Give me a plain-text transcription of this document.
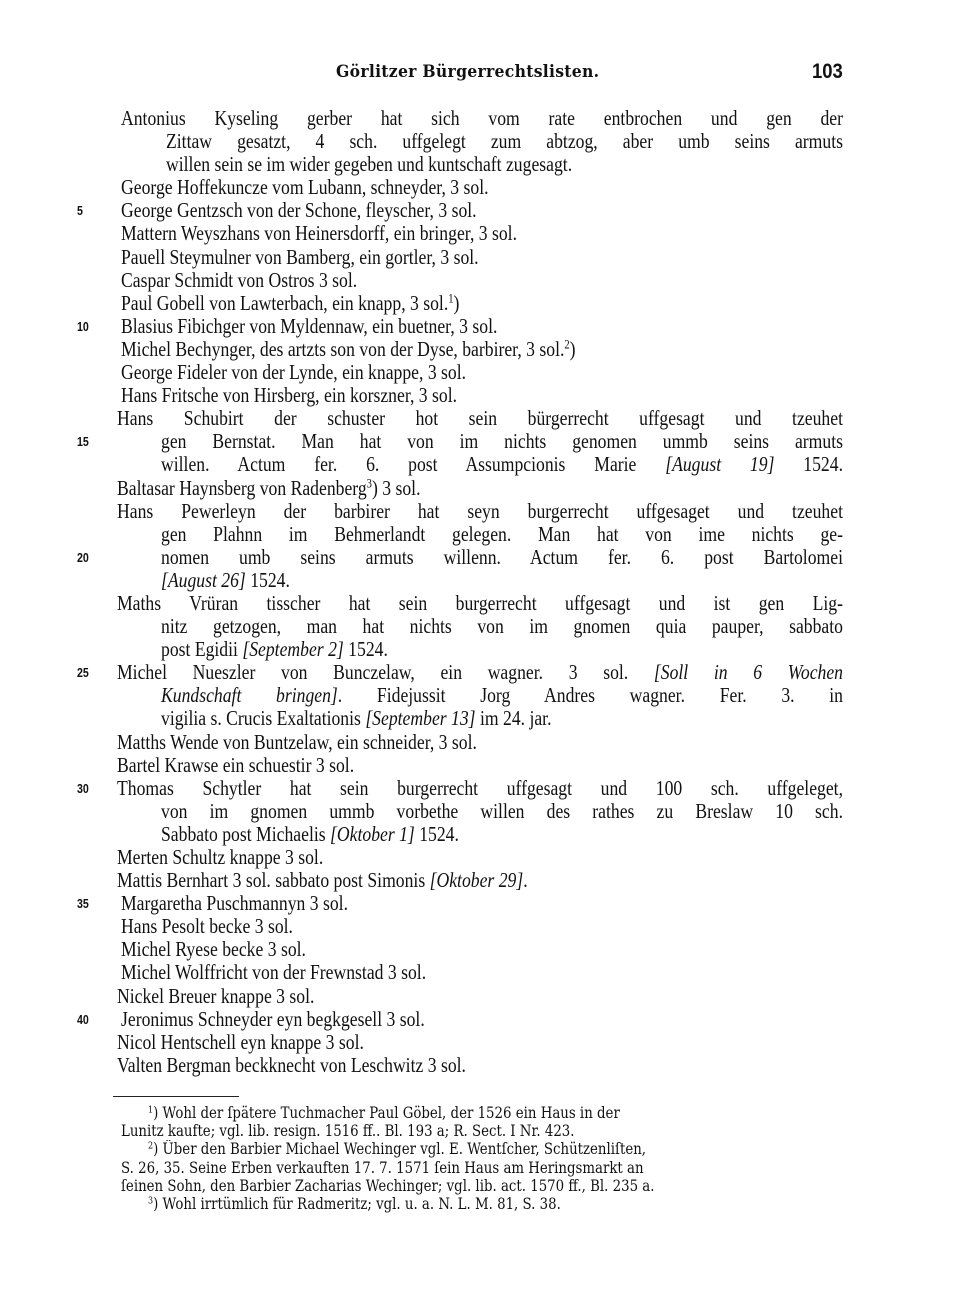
Görlitzer Bürgerrechtslisten.	103
Antonius Kyseling gerber hat sich vom rate entbrochen und gen der
Zittaw gesatzt, 4 sch. uffgelegt zum abtzog, aber umb seins armuts
willen sein se im wider gegeben und kuntschaft zugesagt.
George Hoffekuncze vom Lubann, schneyder, 3 sol.
5 George Gentzsch von der Schone, fleyscher, 3 sol.
Mattern Weyszhans von Heinersdorff, ein bringer, 3 sol.
Pauell Steymulner von Bamberg, ein gortler, 3 sol.
Caspar Schmidt von Ostros 3 sol.
Paul Gobell von Lawterbach, ein knapp, 3 sol.$^1$)
10 Blasius Fibichger von Myldennaw, ein buetner, 3 sol.
Michel Bechynger, des artzts son von der Dyse, barbirer, 3 sol.$^2$)
George Fideler von der Lynde, ein knappe, 3 sol.
Hans Fritsche von Hirsberg, ein korszner, 3 sol.
Hans Schubirt der schuster hot sein bürgerrecht uffgesagt und tzeuhet
15	gen Bernstat. Man hat von im nichts genomen ummb seins armuts
willen. Actum fer. 6. post Assumpcionis Marie [August 19] 1524.
Baltasar Haynsberg von Radenberg$^3$) 3 sol.
Hans Pewerleyn der barbirer hat seyn burgerrecht uffgesaget und tzeuhet
gen Plahnn im Behmerlandt gelegen. Man hat von ime nichts ge-
20	nomen umb seins armuts willenn. Actum fer. 6. post Bartolomei
[August 26] 1524.
Maths Vrüran tisscher hat sein burgerrecht uffgesagt und ist gen Lig-
nitz getzogen, man hat nichts von im gnomen quia pauper, sabbato
post Egidii [September 2] 1524.
25 Michel Nueszler von Bunczelaw, ein wagner. 3 sol. [Soll in 6 Wochen
Kundschaft bringen]. Fidejussit Jorg Andres wagner. Fer. 3. in
vigilia s. Crucis Exaltationis [September 13] im 24. jar.
Matths Wende von Buntzelaw, ein schneider, 3 sol.
Bartel Krawse ein schuestir 3 sol.
30 Thomas Schytler hat sein burgerrecht uffgesagt und 100 sch. uffgeleget,
von im gnomen ummb vorbethe willen des rathes zu Breslaw 10 sch.
Sabbato post Michaelis [Oktober 1] 1524.
Merten Schultz knappe 3 sol.
Mattis Bernhart 3 sol. sabbato post Simonis [Oktober 29].
35 Margaretha Puschmannyn 3 sol.
Hans Pesolt becke 3 sol.
Michel Ryese becke 3 sol.
Michel Wolffricht von der Frewnstad 3 sol.
Nickel Breuer knappe 3 sol.
40 Jeronimus Schneyder eyn begkgesell 3 sol.
Nicol Hentschell eyn knappe 3 sol.
Valten Bergman beckknecht von Leschwitz 3 sol.
$^1$) Wohl der ſpätere Tuchmacher Paul Göbel, der 1526 ein Haus in der
Lunitz kaufte; vgl. lib. resign. 1516 ff.. Bl. 193 a; R. Sect. I Nr. 423.
$^2$) Über den Barbier Michael Wechinger vgl. E. Wentſcher, Schützenliſten,
S. 26, 35. Seine Erben verkauften 17. 7. 1571 ſein Haus am Heringsmarkt an
ſeinen Sohn, den Barbier Zacharias Wechinger; vgl. lib. act. 1570 ff., Bl. 235 a.
$^3$) Wohl irrtümlich für Radmeritz; vgl. u. a. N. L. M. 81, S. 38.
